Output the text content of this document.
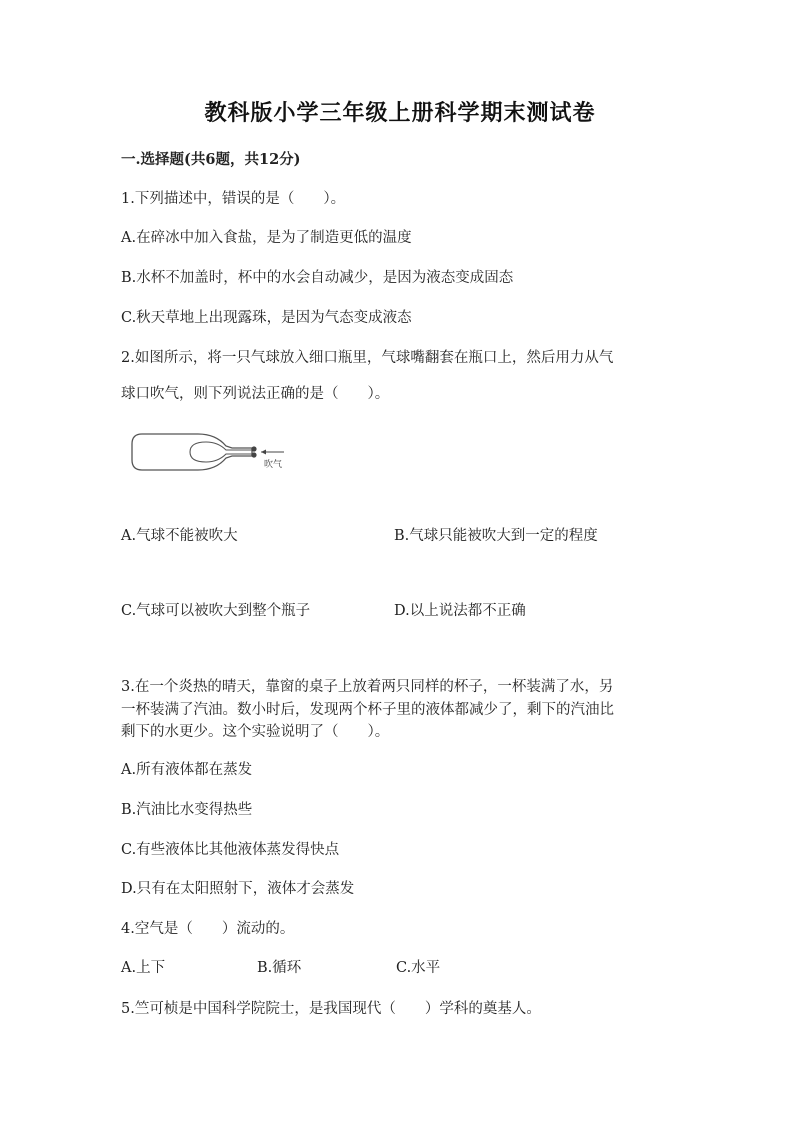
教科版小学三年级上册科学期末测试卷
一.选择题(共6题，共12分)
1.下列描述中，错误的是（　　）。
A.在碎冰中加入食盐，是为了制造更低的温度
B.水杯不加盖时，杯中的水会自动减少，是因为液态变成固态
C.秋天草地上出现露珠，是因为气态变成液态
2.如图所示，将一只气球放入细口瓶里，气球嘴翻套在瓶口上，然后用力从气
球口吹气，则下列说法正确的是（　　）。
吹气
A.气球不能被吹大	B.气球只能被吹大到一定的程度
C.气球可以被吹大到整个瓶子	D.以上说法都不正确
3.在一个炎热的晴天，靠窗的桌子上放着两只同样的杯子，一杯装满了水，另
一杯装满了汽油。数小时后，发现两个杯子里的液体都减少了，剩下的汽油比
剩下的水更少。这个实验说明了（　　）。
A.所有液体都在蒸发
B.汽油比水变得热些
C.有些液体比其他液体蒸发得快点
D.只有在太阳照射下，液体才会蒸发
4.空气是（　　）流动的。
A.上下	B.循环	C.水平
5.竺可桢是中国科学院院士，是我国现代（　　）学科的奠基人。
